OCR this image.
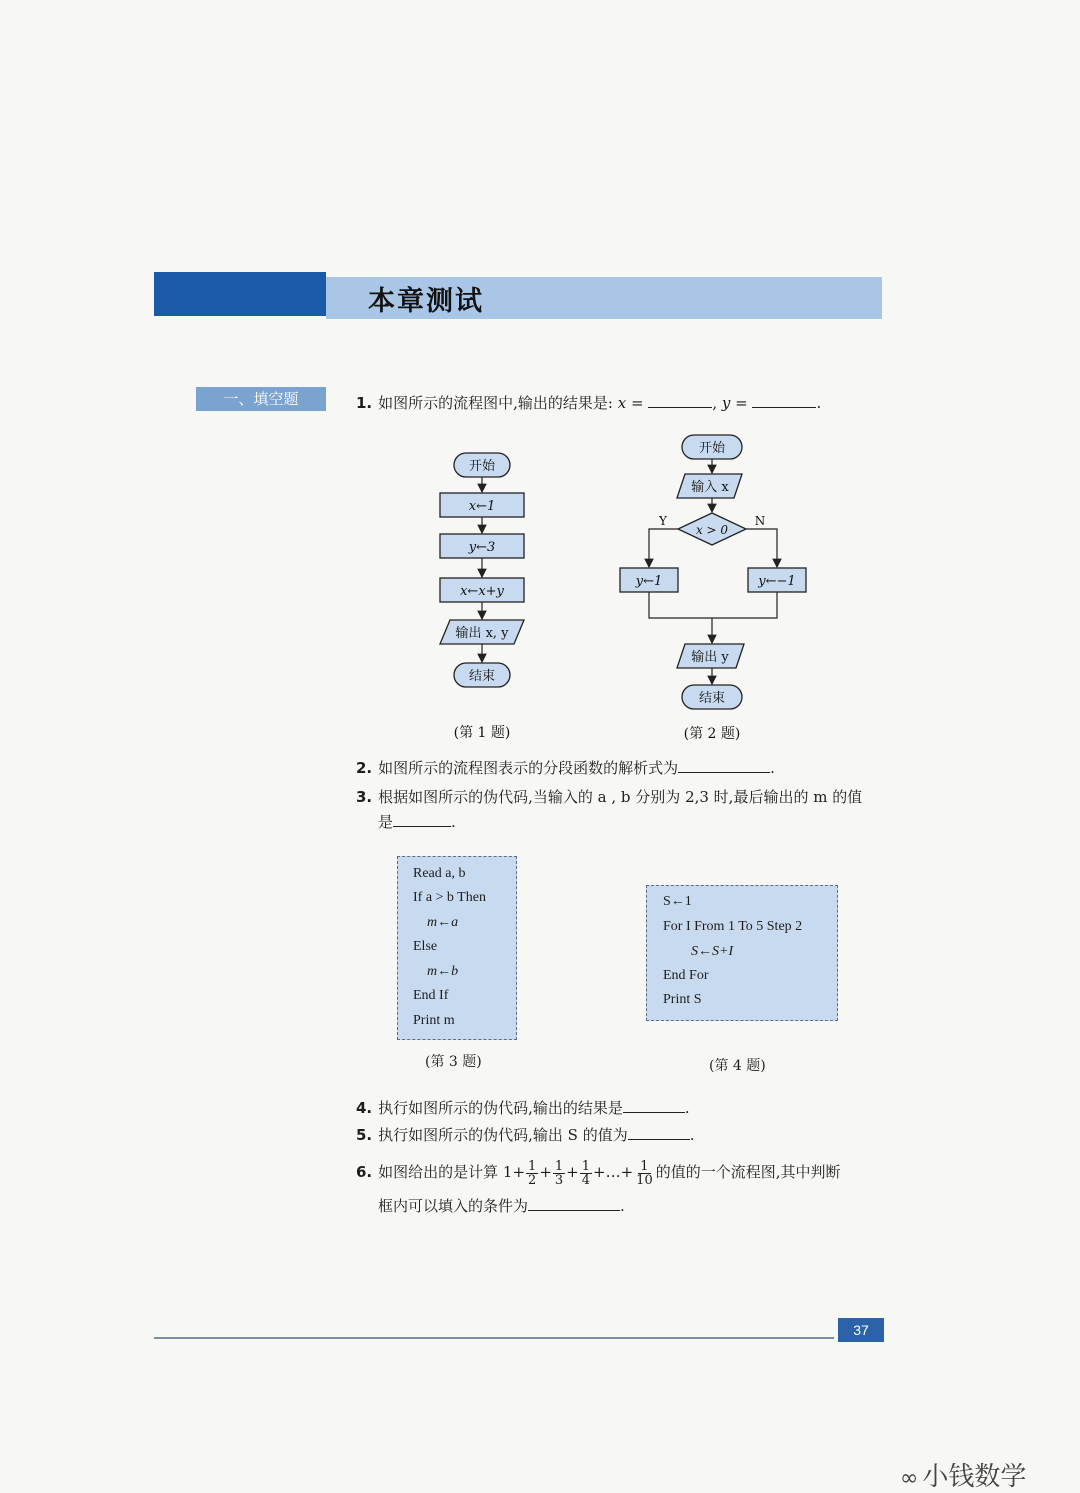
本章测试
一、填空题	1. 如图所示的流程图中,输出的结果是: x =	, y =	.
开始
x←1
y←3
x←x+y
输出 x, y
结束
(第 1 题)
开始
输入 x
x > 0
Y	N
y←1	y←−1
输出 y
结束
(第 2 题)
2. 如图所示的流程图表示的分段函数的解析式为	.
3. 根据如图所示的伪代码,当输入的 a , b 分别为 2,3 时,最后输出的 m 的值
是	.
Read a, b
If a > b Then
m←a
Else
m←b
End If
Print m
(第 3 题)
S←1
For I From 1 To 5 Step 2
S←S+I
End For
Print S
(第 4 题)
4. 执行如图所示的伪代码,输出的结果是	.
5. 执行如图所示的伪代码,输出 S 的值为	.
6. 如图给出的是计算 $1+ \frac{1}{2} + \frac{1}{3} + \frac{1}{4}$ +…+ $\frac{1}{10}$ 的值的一个流程图,其中判断
框内可以填入的条件为	.
37
∞ 小钱数学
